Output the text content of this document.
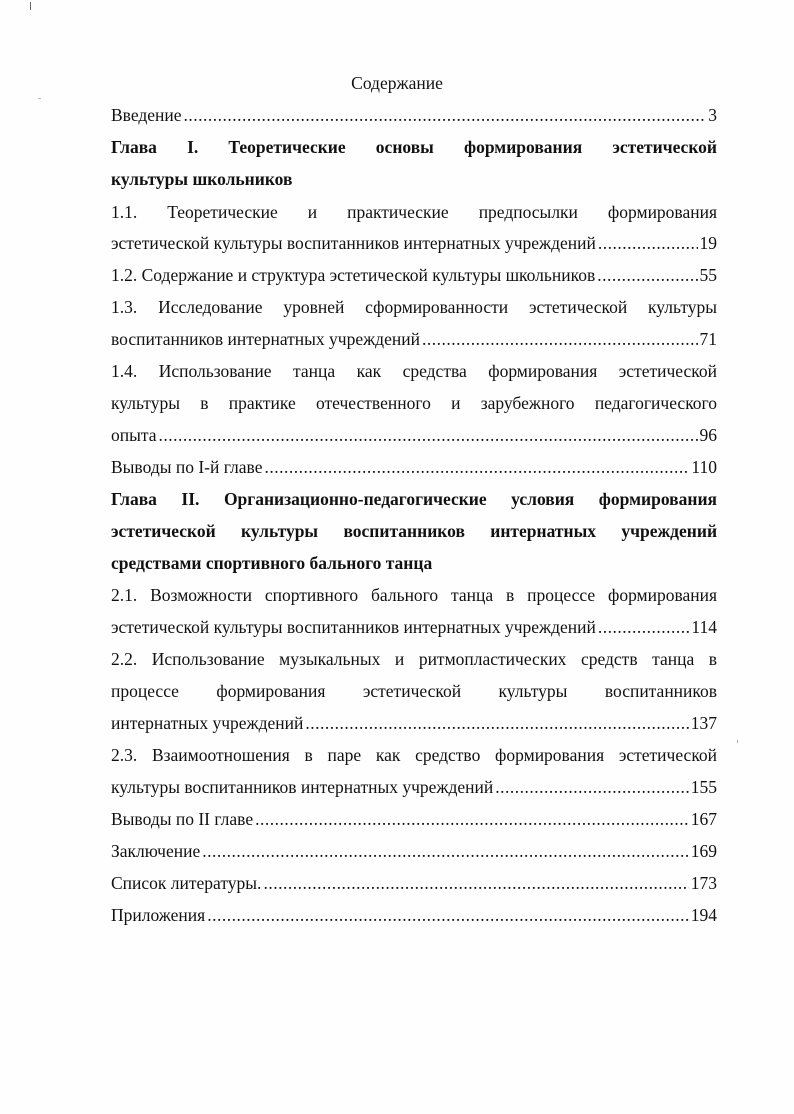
Содержание
Введение .....	3
Глава I. Теоретические основы формирования эстетической
культуры школьников
1.1. Теоретические и практические предпосылки формирования
эстетической культуры воспитанников интернатных учреждений .....	19
1.2. Содержание и структура эстетической культуры школьников .....	55
1.3. Исследование уровней сформированности эстетической культуры
воспитанников интернатных учреждений .....	71
1.4. Использование танца как средства формирования эстетической
культуры в практике отечественного и зарубежного педагогического
опыта .....	96
Выводы по I-й главе .....	110
Глава II. Организационно-педагогические условия формирования
эстетической культуры воспитанников интернатных учреждений
средствами спортивного бального танца
2.1. Возможности спортивного бального танца в процессе формирования
эстетической культуры воспитанников интернатных учреждений .....	114
2.2. Использование музыкальных и ритмопластических средств танца в
процессе формирования эстетической культуры воспитанников
интернатных учреждений .....	137
2.3. Взаимоотношения в паре как средство формирования эстетической
культуры воспитанников интернатных учреждений .....	155
Выводы по II главе .....	167
Заключение .....	169
Список литературы. .....	173
Приложения .....	194
